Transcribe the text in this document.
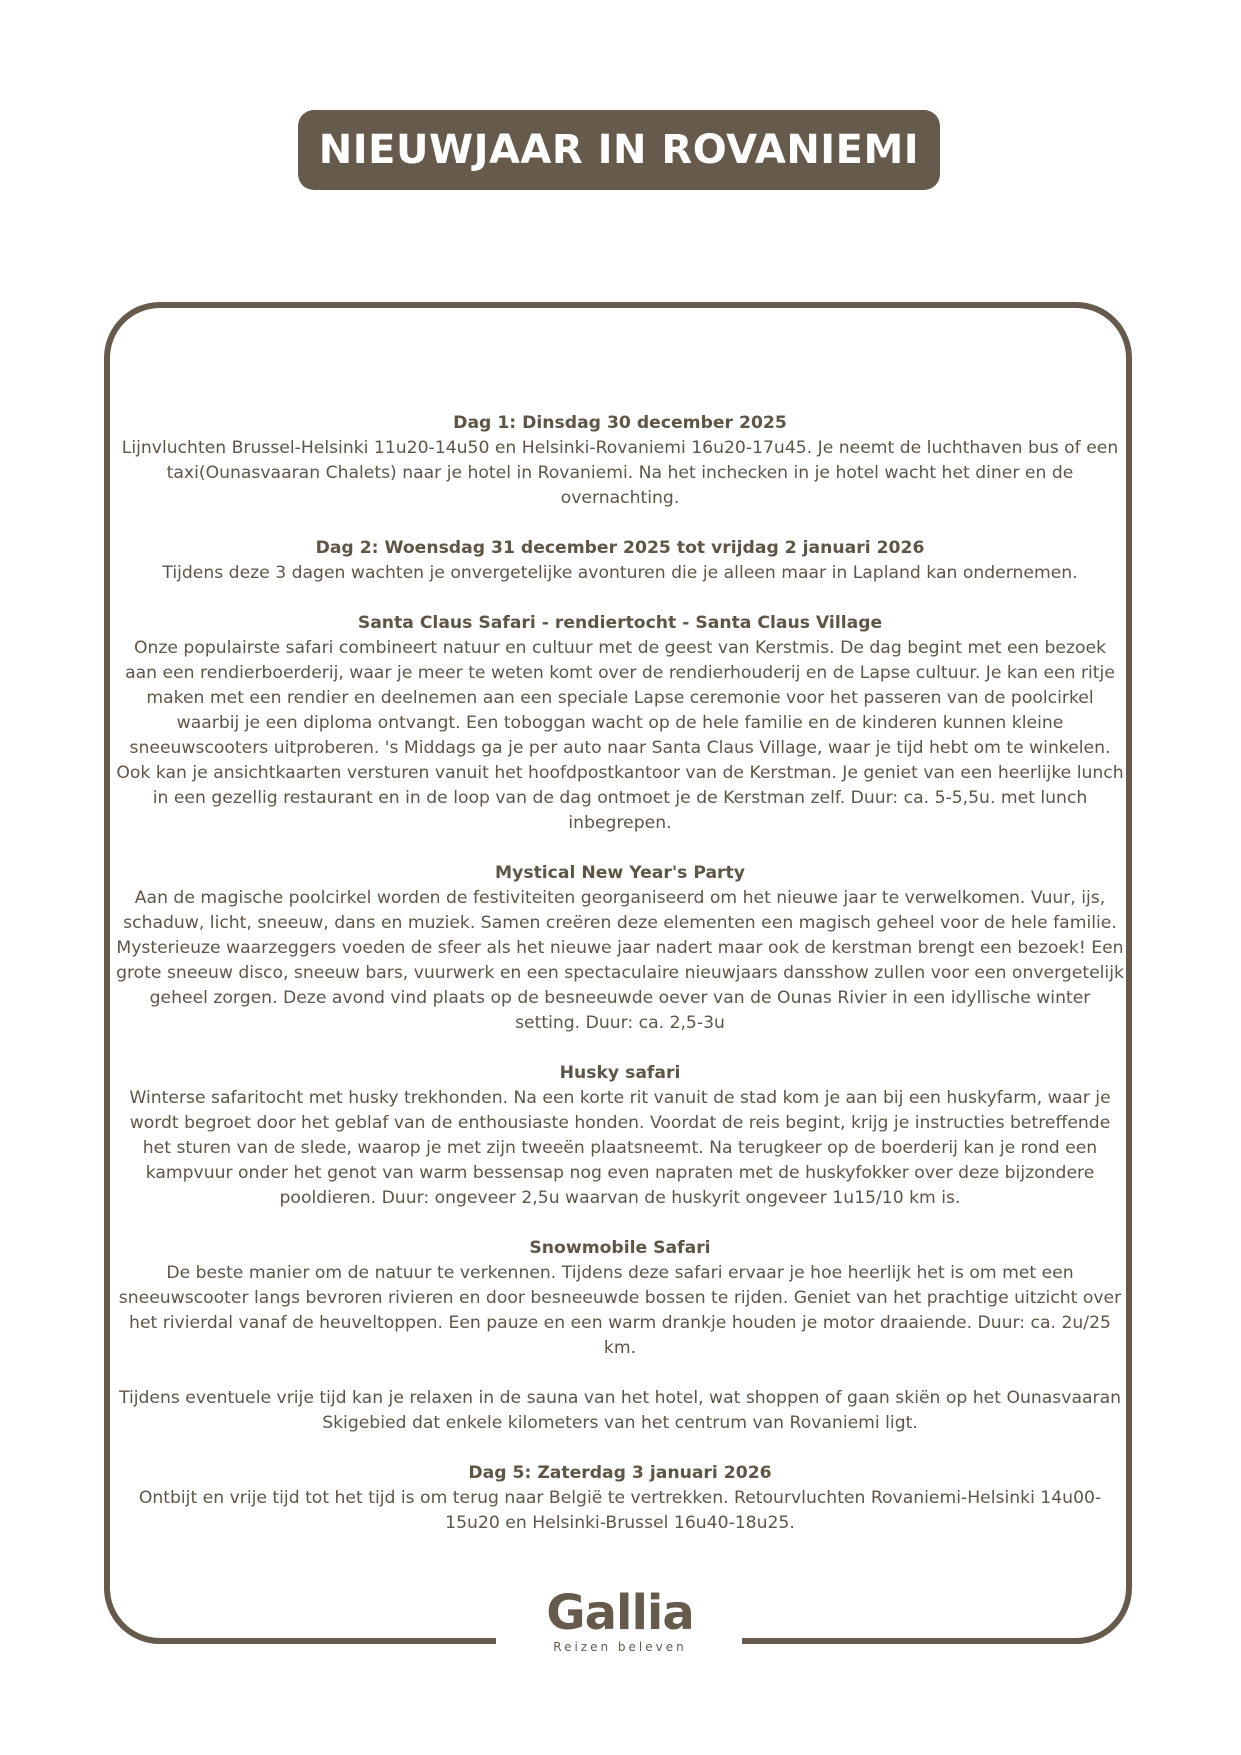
NIEUWJAAR IN ROVANIEMI
Dag 1: Dinsdag 30 december 2025

Lijnvluchten Brussel-Helsinki 11u20-14u50 en Helsinki-Rovaniemi 16u20-17u45. Je neemt de luchthaven bus of een taxi(Ounasvaaran Chalets) naar je hotel in Rovaniemi. Na het inchecken in je hotel wacht het diner en de overnachting.

Dag 2: Woensdag 31 december 2025 tot vrijdag 2 januari 2026

Tijdens deze 3 dagen wachten je onvergetelijke avonturen die je alleen maar in Lapland kan ondernemen.

Santa Claus Safari - rendiertocht - Santa Claus Village

Onze populairste safari combineert natuur en cultuur met de geest van Kerstmis. De dag begint met een bezoek aan een rendierboerderij, waar je meer te weten komt over de rendierhouderij en de Lapse cultuur. Je kan een ritje maken met een rendier en deelnemen aan een speciale Lapse ceremonie voor het passeren van de poolcirkel waarbij je een diploma ontvangt. Een toboggan wacht op de hele familie en de kinderen kunnen kleine sneeuwscooters uitproberen. 's Middags ga je per auto naar Santa Claus Village, waar je tijd hebt om te winkelen. Ook kan je ansichtkaarten versturen vanuit het hoofdpostkantoor van de Kerstman. Je geniet van een heerlijke lunch in een gezellig restaurant en in de loop van de dag ontmoet je de Kerstman zelf. Duur: ca. 5-5,5u. met lunch inbegrepen.

Mystical New Year's Party

Aan de magische poolcirkel worden de festiviteiten georganiseerd om het nieuwe jaar te verwelkomen. Vuur, ijs, schaduw, licht, sneeuw, dans en muziek. Samen creëren deze elementen een magisch geheel voor de hele familie. Mysterieuze waarzeggers voeden de sfeer als het nieuwe jaar nadert maar ook de kerstman brengt een bezoek! Een grote sneeuw disco, sneeuw bars, vuurwerk en een spectaculaire nieuwjaars dansshow zullen voor een onvergetelijk geheel zorgen. Deze avond vind plaats op de besneeuwde oever van de Ounas Rivier in een idyllische winter setting. Duur: ca. 2,5-3u

Husky safari

Winterse safaritocht met husky trekhonden. Na een korte rit vanuit de stad kom je aan bij een huskyfarm, waar je wordt begroet door het geblaf van de enthousiaste honden. Voordat de reis begint, krijg je instructies betreffende het sturen van de slede, waarop je met zijn tweeën plaatsneemt. Na terugkeer op de boerderij kan je rond een kampvuur onder het genot van warm bessensap nog even napraten met de huskyfokker over deze bijzondere pooldieren. Duur: ongeveer 2,5u waarvan de huskyrit ongeveer 1u15/10 km is.

Snowmobile Safari

De beste manier om de natuur te verkennen. Tijdens deze safari ervaar je hoe heerlijk het is om met een sneeuwscooter langs bevroren rivieren en door besneeuwde bossen te rijden. Geniet van het prachtige uitzicht over het rivierdal vanaf de heuveltoppen. Een pauze en een warm drankje houden je motor draaiende. Duur: ca. 2u/25 km.

Tijdens eventuele vrije tijd kan je relaxen in de sauna van het hotel, wat shoppen of gaan skiën op het Ounasvaaran Skigebied dat enkele kilometers van het centrum van Rovaniemi ligt.

Dag 5: Zaterdag 3 januari 2026

Ontbijt en vrije tijd tot het tijd is om terug naar België te vertrekken. Retourvluchten Rovaniemi-Helsinki 14u00-15u20 en Helsinki-Brussel 16u40-18u25.

Gallia
Reizen beleven
